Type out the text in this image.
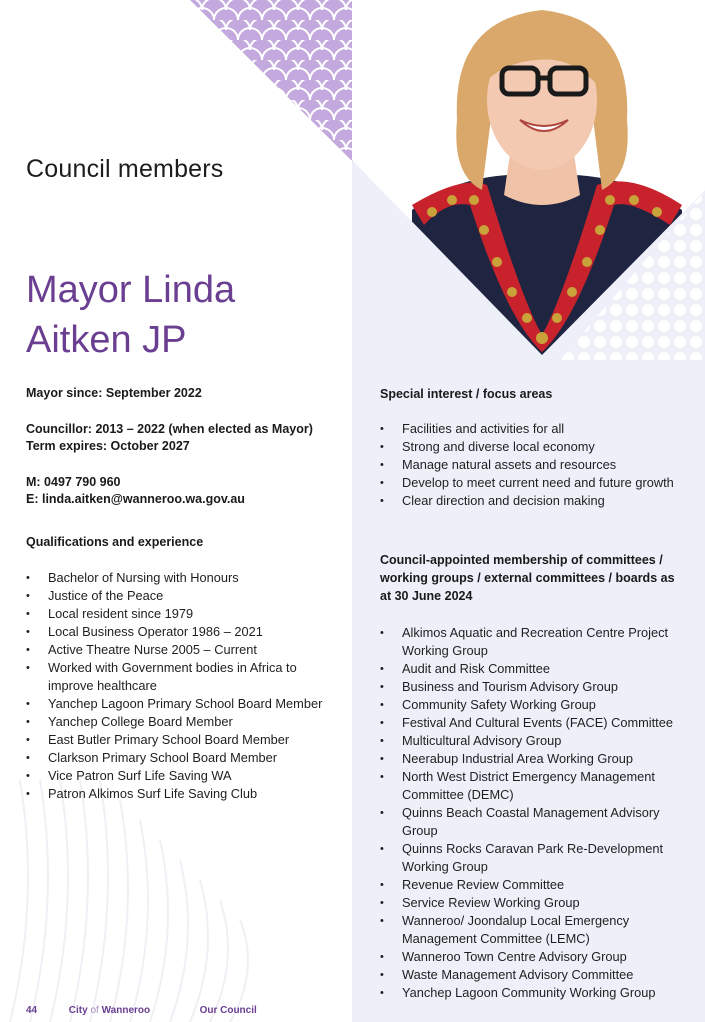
Council members
Mayor Linda
Aitken JP
Mayor since: September 2022
Councillor: 2013 – 2022 (when elected as Mayor)
Term expires: October 2027
M: 0497 790 960
E: linda.aitken@wanneroo.wa.gov.au
Qualifications and experience
• Bachelor of Nursing with Honours
• Justice of the Peace
• Local resident since 1979
• Local Business Operator 1986 – 2021
• Active Theatre Nurse 2005 – Current
• Worked with Government bodies in Africa to improve healthcare
• Yanchep Lagoon Primary School Board Member
• Yanchep College Board Member
• East Butler Primary School Board Member
• Clarkson Primary School Board Member
• Vice Patron Surf Life Saving WA
• Patron Alkimos Surf Life Saving Club
Special interest / focus areas
• Facilities and activities for all
• Strong and diverse local economy
• Manage natural assets and resources
• Develop to meet current need and future growth
• Clear direction and decision making
Council-appointed membership of committees / working groups / external committees / boards as at 30 June 2024
• Alkimos Aquatic and Recreation Centre Project Working Group
• Audit and Risk Committee
• Business and Tourism Advisory Group
• Community Safety Working Group
• Festival And Cultural Events (FACE) Committee
• Multicultural Advisory Group
• Neerabup Industrial Area Working Group
• North West District Emergency Management Committee (DEMC)
• Quinns Beach Coastal Management Advisory Group
• Quinns Rocks Caravan Park Re-Development Working Group
• Revenue Review Committee
• Service Review Working Group
• Wanneroo/ Joondalup Local Emergency Management Committee (LEMC)
• Wanneroo Town Centre Advisory Group
• Waste Management Advisory Committee
• Yanchep Lagoon Community Working Group
44	City of Wanneroo	Our Council
